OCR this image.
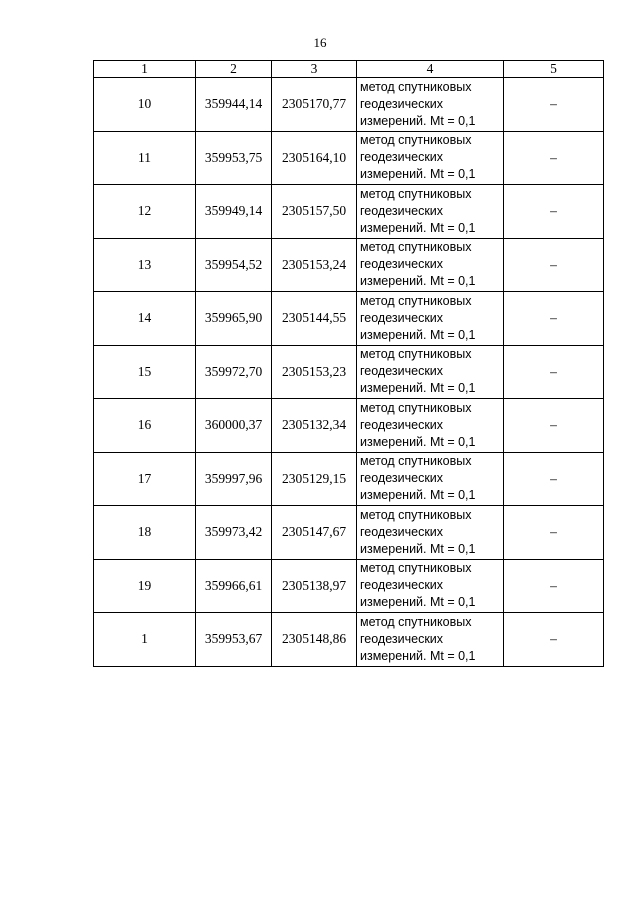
16
1	2	3	4	5
10	359944,14	2305170,77	метод спутниковых
геодезических
измерений. Mt = 0,1	–
11	359953,75	2305164,10	метод спутниковых
геодезических
измерений. Mt = 0,1	–
12	359949,14	2305157,50	метод спутниковых
геодезических
измерений. Mt = 0,1	–
13	359954,52	2305153,24	метод спутниковых
геодезических
измерений. Mt = 0,1	–
14	359965,90	2305144,55	метод спутниковых
геодезических
измерений. Mt = 0,1	–
15	359972,70	2305153,23	метод спутниковых
геодезических
измерений. Mt = 0,1	–
16	360000,37	2305132,34	метод спутниковых
геодезических
измерений. Mt = 0,1	–
17	359997,96	2305129,15	метод спутниковых
геодезических
измерений. Mt = 0,1	–
18	359973,42	2305147,67	метод спутниковых
геодезических
измерений. Mt = 0,1	–
19	359966,61	2305138,97	метод спутниковых
геодезических
измерений. Mt = 0,1	–
1	359953,67	2305148,86	метод спутниковых
геодезических
измерений. Mt = 0,1	–
